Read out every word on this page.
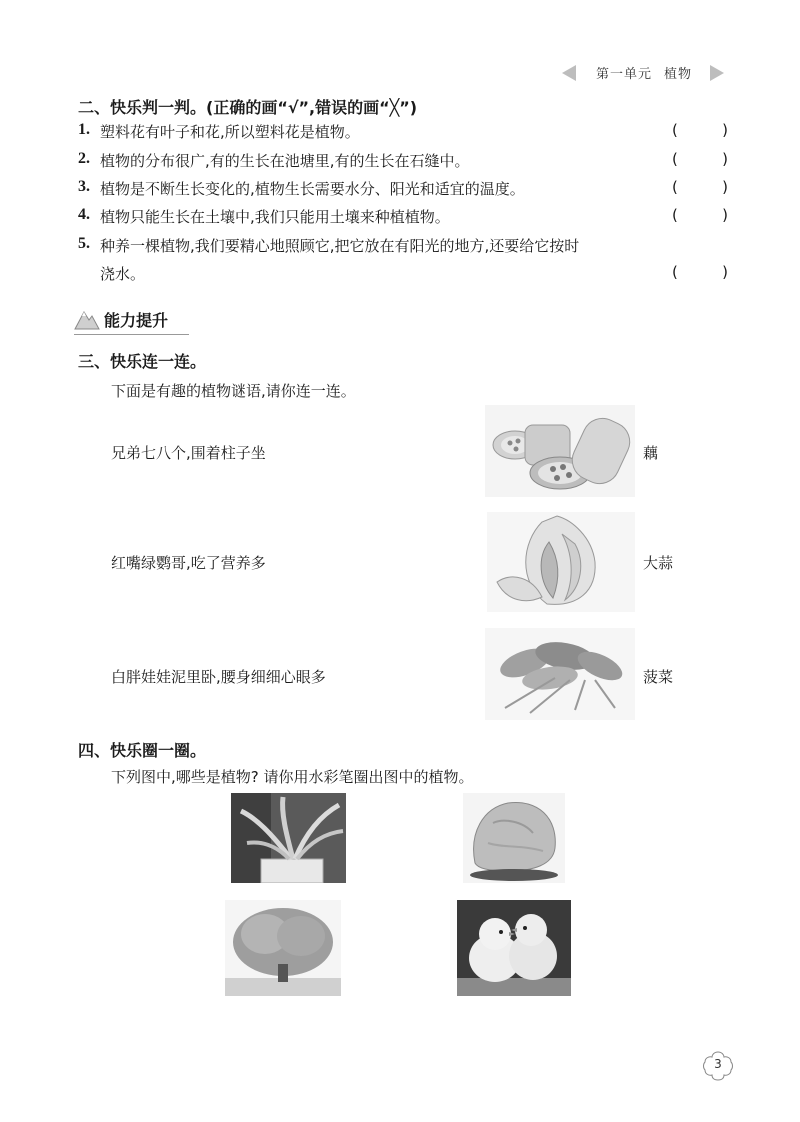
第一单元 植物
二、快乐判一判。(正确的画“√”,错误的画“╳”)
1. 塑料花有叶子和花,所以塑料花是植物。	(	)
2. 植物的分布很广,有的生长在池塘里,有的生长在石缝中。	(	)
3. 植物是不断生长变化的,植物生长需要水分、阳光和适宜的温度。	(	)
4. 植物只能生长在土壤中,我们只能用土壤来种植植物。	(	)
5. 种养一棵植物,我们要精心地照顾它,把它放在有阳光的地方,还要给它按时
浇水。	(	)
能力提升
三、快乐连一连。
下面是有趣的植物谜语,请你连一连。
兄弟七八个,围着柱子坐
红嘴绿鹦哥,吃了营养多
白胖娃娃泥里卧,腰身细细心眼多
藕
大蒜
菠菜
四、快乐圈一圈。
下列图中,哪些是植物? 请你用水彩笔圈出图中的植物。
3
